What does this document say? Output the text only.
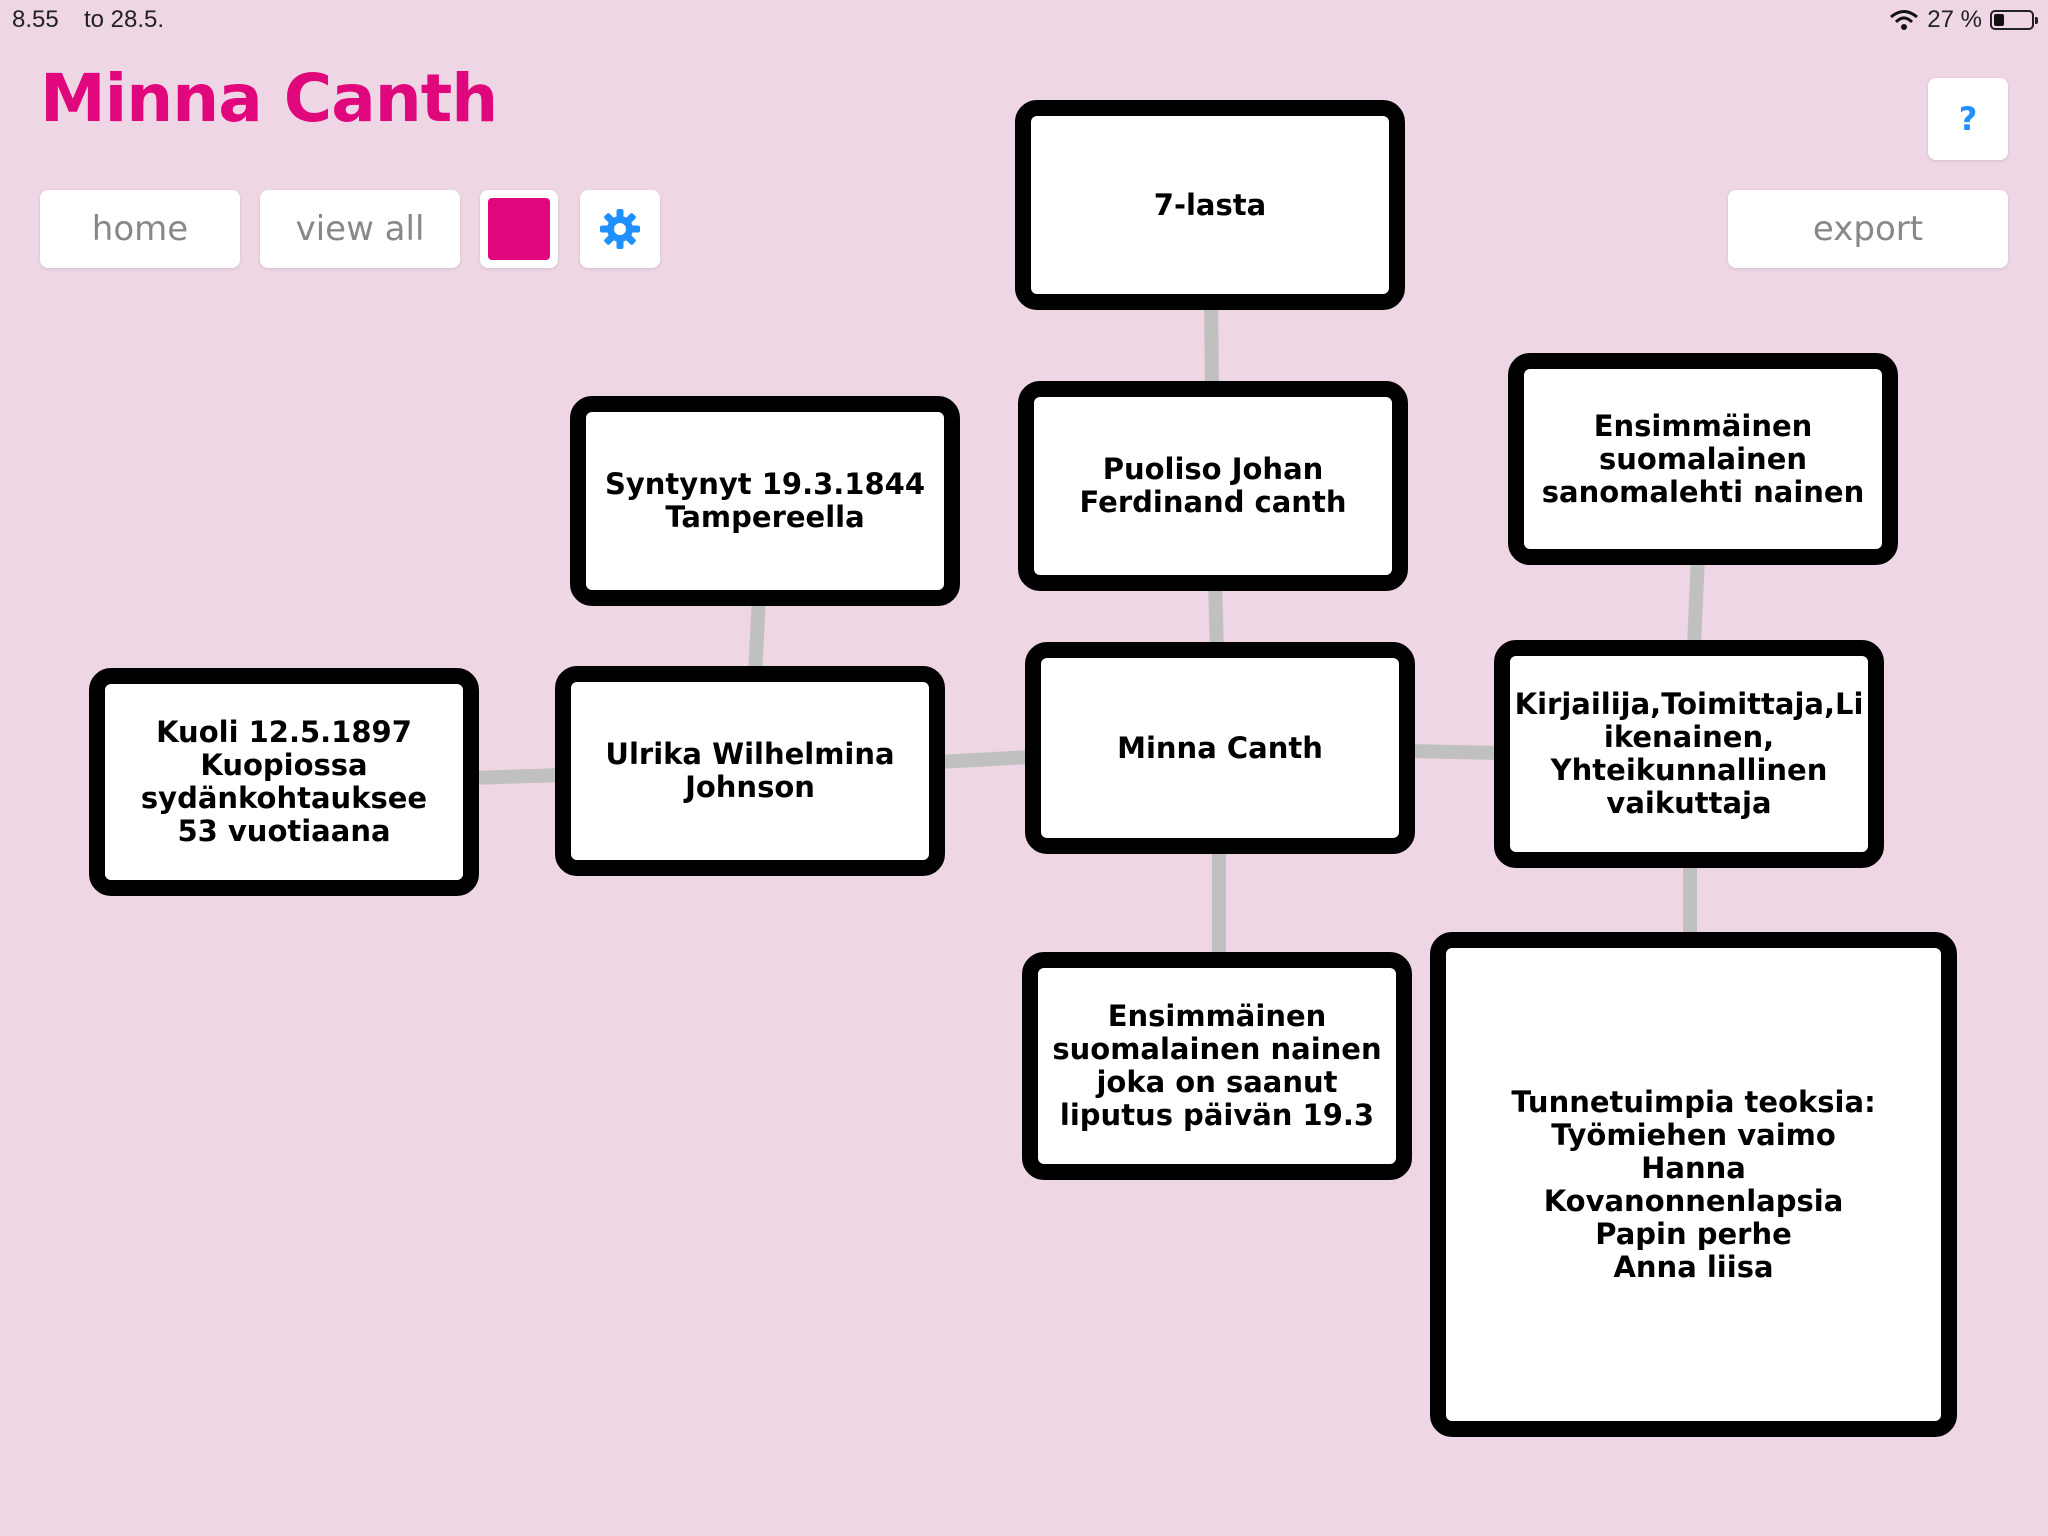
8.55 to 28.5.	27 %
Minna Canth
home	view all
?
export
7-lasta
Puoliso Johan
Ferdinand canth
Syntynyt 19.3.1844
Tampereella
Ensimmäinen
suomalainen
sanomalehti nainen
Kuoli 12.5.1897
Kuopiossa
sydänkohtauksee
53 vuotiaana
Ulrika Wilhelmina
Johnson
Minna Canth
Kirjailija,Toimittaja,Li
ikenainen,
Yhteikunnallinen
vaikuttaja
Ensimmäinen
suomalainen nainen
joka on saanut
liputus päivän 19.3	Tunnetuimpia teoksia:
Työmiehen vaimo
Hanna
Kovanonnenlapsia
Papin perhe
Anna liisa
